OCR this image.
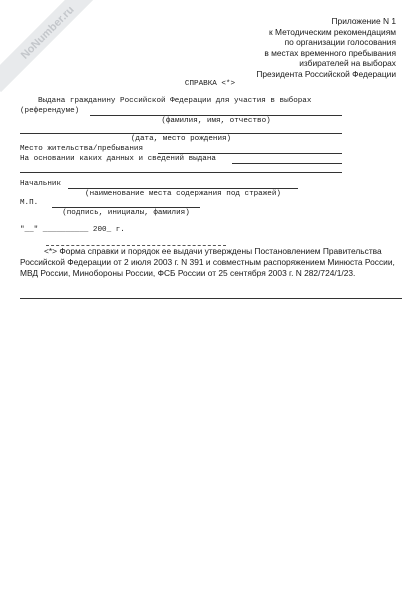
NoNumber.ru	Приложение N 1
к Методическим рекомендациям
по организации голосования
в местах временного пребывания
избирателей на выборах
Президента Российской Федерации
СПРАВКА <*>
Выдана гражданину Российской Федерации для участия в выборах
(референдуме)
(фамилия, имя, отчество)
(дата, место рождения)
Место жительства/пребывания
На основании каких данных и сведений выдана
Начальник
(наименование места содержания под стражей)
М.П.
(подпись, инициалы, фамилия)
"__" __________ 200_ г.
<*> Форма справки и порядок ее выдачи утверждены Постановлением Правительства
Российской Федерации от 2 июля 2003 г. N 391 и совместным распоряжением Минюста России,
МВД России, Минобороны России, ФСБ России от 25 сентября 2003 г. N 282/724/1/23.
